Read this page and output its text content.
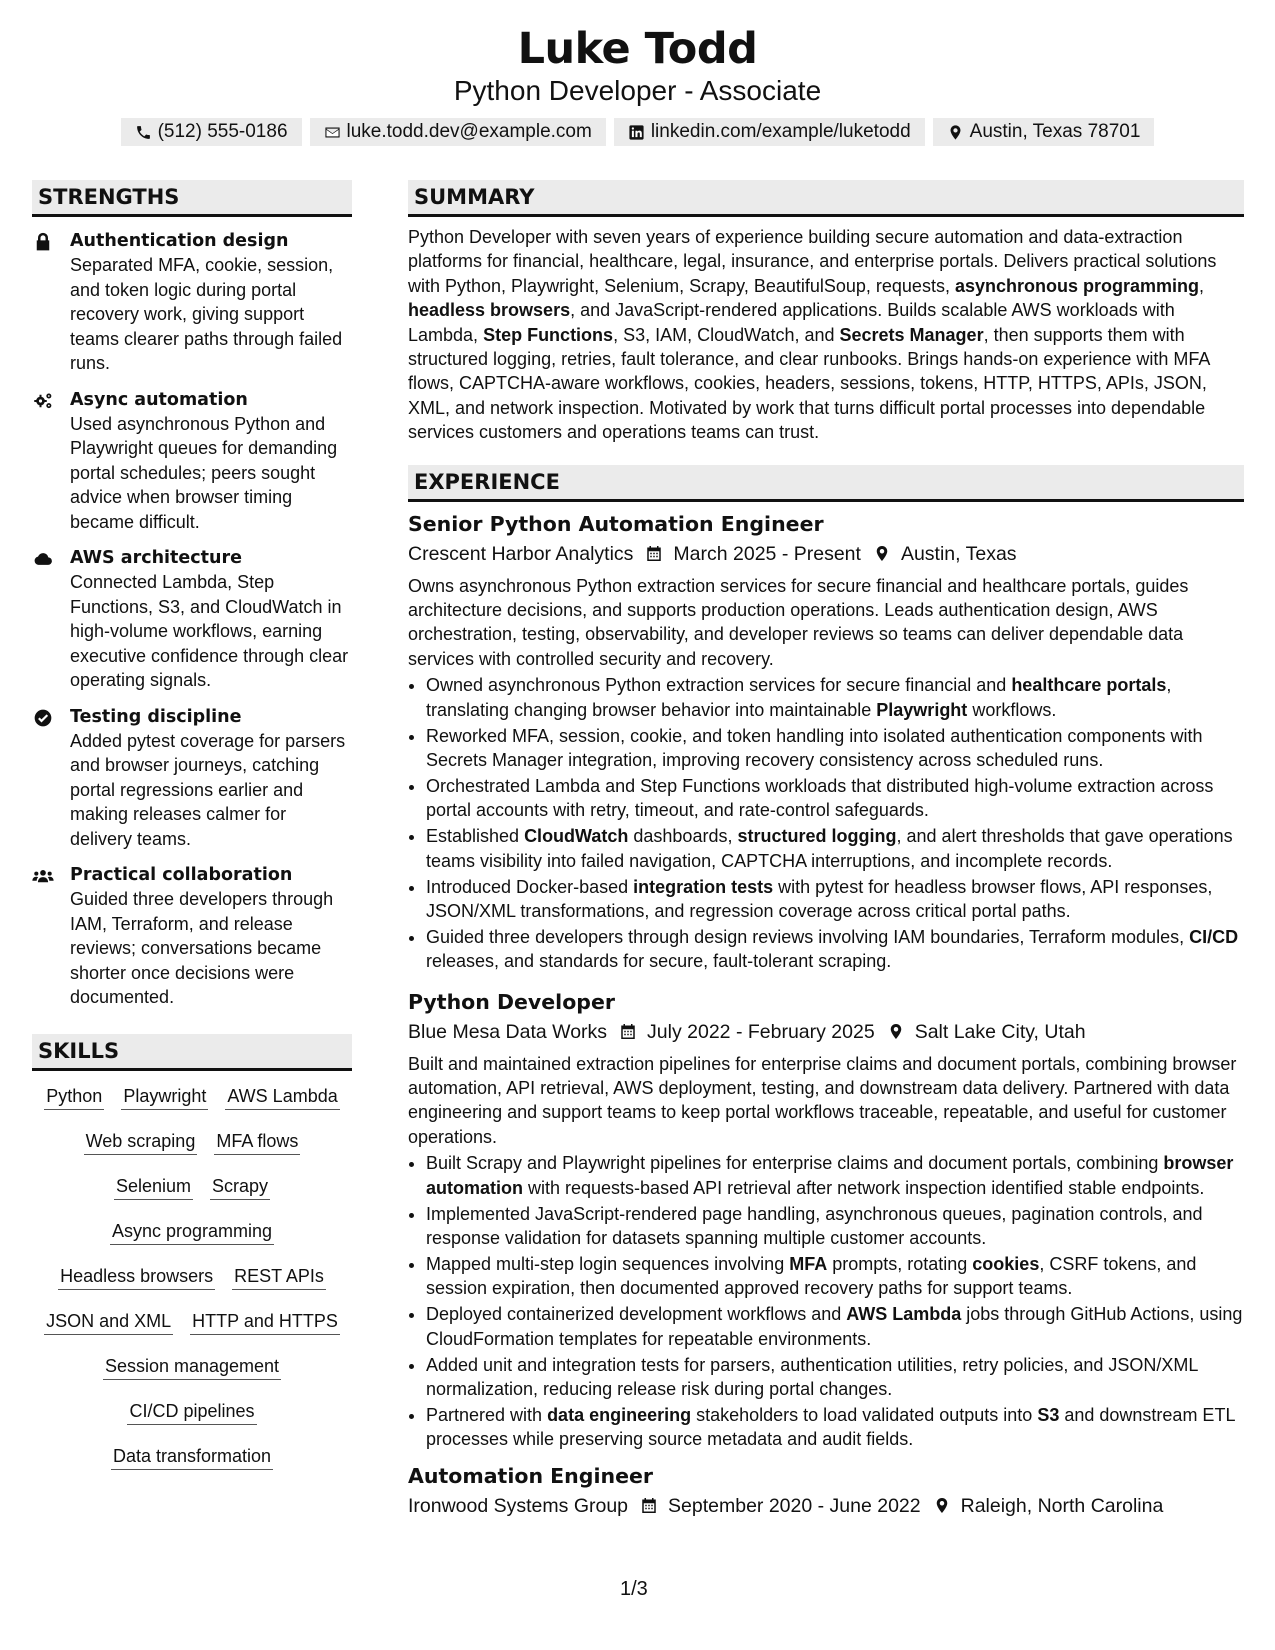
Luke Todd
Python Developer - Associate
(512) 555-0186	luke.todd.dev@example.com	linkedin.com/example/luketodd	Austin, Texas 78701
STRENGTHS
Authentication design
Separated MFA, cookie, session, and token logic during portal recovery work, giving support teams clearer paths through failed runs.
Async automation
Used asynchronous Python and Playwright queues for demanding portal schedules; peers sought advice when browser timing became difficult.
AWS architecture
Connected Lambda, Step Functions, S3, and CloudWatch in high-volume workflows, earning executive confidence through clear operating signals.
Testing discipline
Added pytest coverage for parsers and browser journeys, catching portal regressions earlier and making releases calmer for delivery teams.
Practical collaboration
Guided three developers through IAM, Terraform, and release reviews; conversations became shorter once decisions were documented.
SKILLS
Python Playwright AWS Lambda
Web scraping MFA flows
Selenium Scrapy
Async programming
Headless browsers REST APIs
JSON and XML HTTP and HTTPS
Session management
CI/CD pipelines
Data transformation
SUMMARY

Python Developer with seven years of experience building secure automation and data-extraction platforms for financial, healthcare, legal, insurance, and enterprise portals. Delivers practical solutions with Python, Playwright, Selenium, Scrapy, BeautifulSoup, requests, asynchronous programming, headless browsers, and JavaScript-rendered applications. Builds scalable AWS workloads with Lambda, Step Functions, S3, IAM, CloudWatch, and Secrets Manager, then supports them with structured logging, retries, fault tolerance, and clear runbooks. Brings hands-on experience with MFA flows, CAPTCHA-aware workflows, cookies, headers, sessions, tokens, HTTP, HTTPS, APIs, JSON, XML, and network inspection. Motivated by work that turns difficult portal processes into dependable services customers and operations teams can trust.

EXPERIENCE
Senior Python Automation Engineer
Crescent Harbor Analytics March 2025 - Present Austin, Texas

Owns asynchronous Python extraction services for secure financial and healthcare portals, guides architecture decisions, and supports production operations. Leads authentication design, AWS orchestration, testing, observability, and developer reviews so teams can deliver dependable data services with controlled security and recovery.

• Owned asynchronous Python extraction services for secure financial and healthcare portals, translating changing browser behavior into maintainable Playwright workflows.
• Reworked MFA, session, cookie, and token handling into isolated authentication components with Secrets Manager integration, improving recovery consistency across scheduled runs.
• Orchestrated Lambda and Step Functions workloads that distributed high-volume extraction across portal accounts with retry, timeout, and rate-control safeguards.
• Established CloudWatch dashboards, structured logging, and alert thresholds that gave operations teams visibility into failed navigation, CAPTCHA interruptions, and incomplete records.
• Introduced Docker-based integration tests with pytest for headless browser flows, API responses, JSON/XML transformations, and regression coverage across critical portal paths.
• Guided three developers through design reviews involving IAM boundaries, Terraform modules, CI/CD releases, and standards for secure, fault-tolerant scraping.
Python Developer
Blue Mesa Data Works July 2022 - February 2025 Salt Lake City, Utah

Built and maintained extraction pipelines for enterprise claims and document portals, combining browser automation, API retrieval, AWS deployment, testing, and downstream data delivery. Partnered with data engineering and support teams to keep portal workflows traceable, repeatable, and useful for customer operations.

• Built Scrapy and Playwright pipelines for enterprise claims and document portals, combining browser automation with requests-based API retrieval after network inspection identified stable endpoints.
• Implemented JavaScript-rendered page handling, asynchronous queues, pagination controls, and response validation for datasets spanning multiple customer accounts.
• Mapped multi-step login sequences involving MFA prompts, rotating cookies, CSRF tokens, and session expiration, then documented approved recovery paths for support teams.
• Deployed containerized development workflows and AWS Lambda jobs through GitHub Actions, using CloudFormation templates for repeatable environments.
• Added unit and integration tests for parsers, authentication utilities, retry policies, and JSON/XML normalization, reducing release risk during portal changes.
• Partnered with data engineering stakeholders to load validated outputs into S3 and downstream ETL processes while preserving source metadata and audit fields.
Automation Engineer
Ironwood Systems Group September 2020 - June 2022 Raleigh, North Carolina
1/3
